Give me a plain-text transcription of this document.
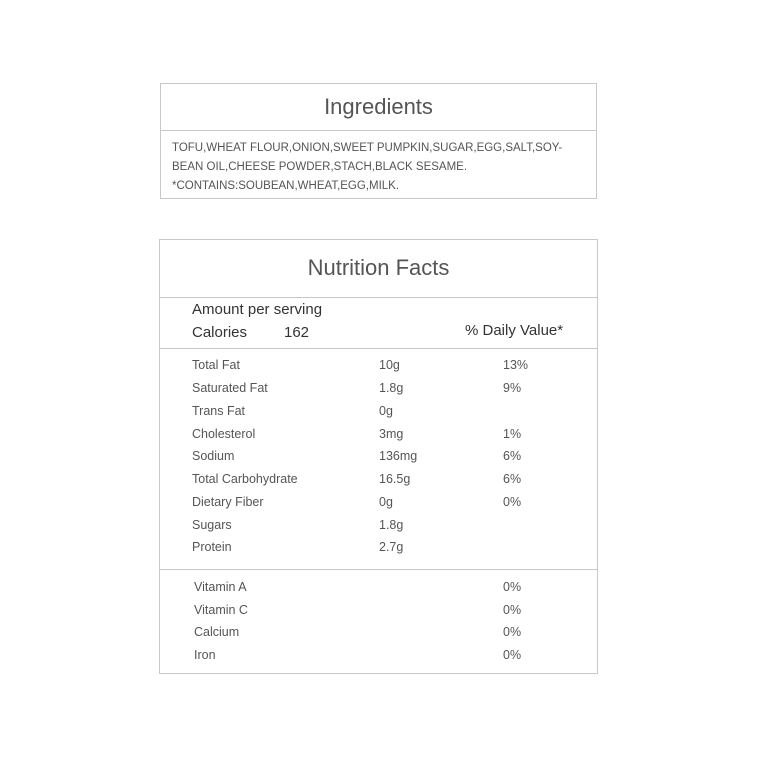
Ingredients
TOFU,WHEAT FLOUR,ONION,SWEET PUMPKIN,SUGAR,EGG,SALT,SOY-
BEAN OIL,CHEESE POWDER,STACH,BLACK SESAME.
*CONTAINS:SOUBEAN,WHEAT,EGG,MILK.
Nutrition Facts
Amount per serving
Calories 162	% Daily Value*
Total Fat	10g	13%
Saturated Fat	1.8g	9%
Trans Fat	0g
Cholesterol	3mg	1%
Sodium	136mg	6%
Total Carbohydrate	16.5g	6%
Dietary Fiber	0g	0%
Sugars	1.8g
Protein	2.7g
Vitamin A	0%
Vitamin C	0%
Calcium	0%
Iron	0%
